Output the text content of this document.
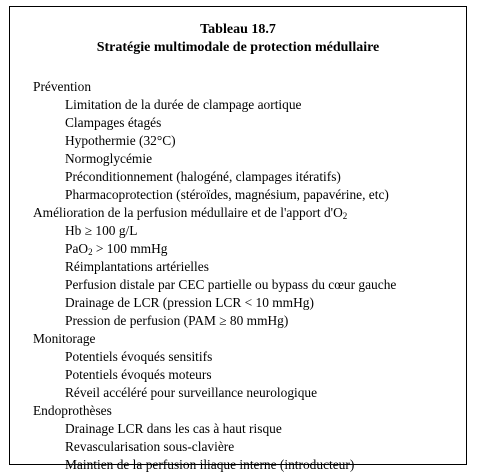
Tableau 18.7
Stratégie multimodale de protection médullaire
Prévention
Limitation de la durée de clampage aortique
Clampages étagés
Hypothermie (32°C)
Normoglycémie
Préconditionnement (halogéné, clampages itératifs)
Pharmacoprotection (stéroïdes, magnésium, papavérine, etc)
Amélioration de la perfusion médullaire et de l'apport $d'O_2$
Hb ≥ 100 g/L
PaO$_2$ > 100 mmHg
Réimplantations artérielles
Perfusion distale par CEC partielle ou bypass du cœur gauche
Drainage de LCR (pression LCR < 10 mmHg)
Pression de perfusion (PAM ≥ 80 mmHg)
Monitorage
Potentiels évoqués sensitifs
Potentiels évoqués moteurs
Réveil accéléré pour surveillance neurologique
Endoprothèses
Drainage LCR dans les cas à haut risque
Revascularisation sous-clavière
Maintien de la perfusion iliaque interne (introducteur)
